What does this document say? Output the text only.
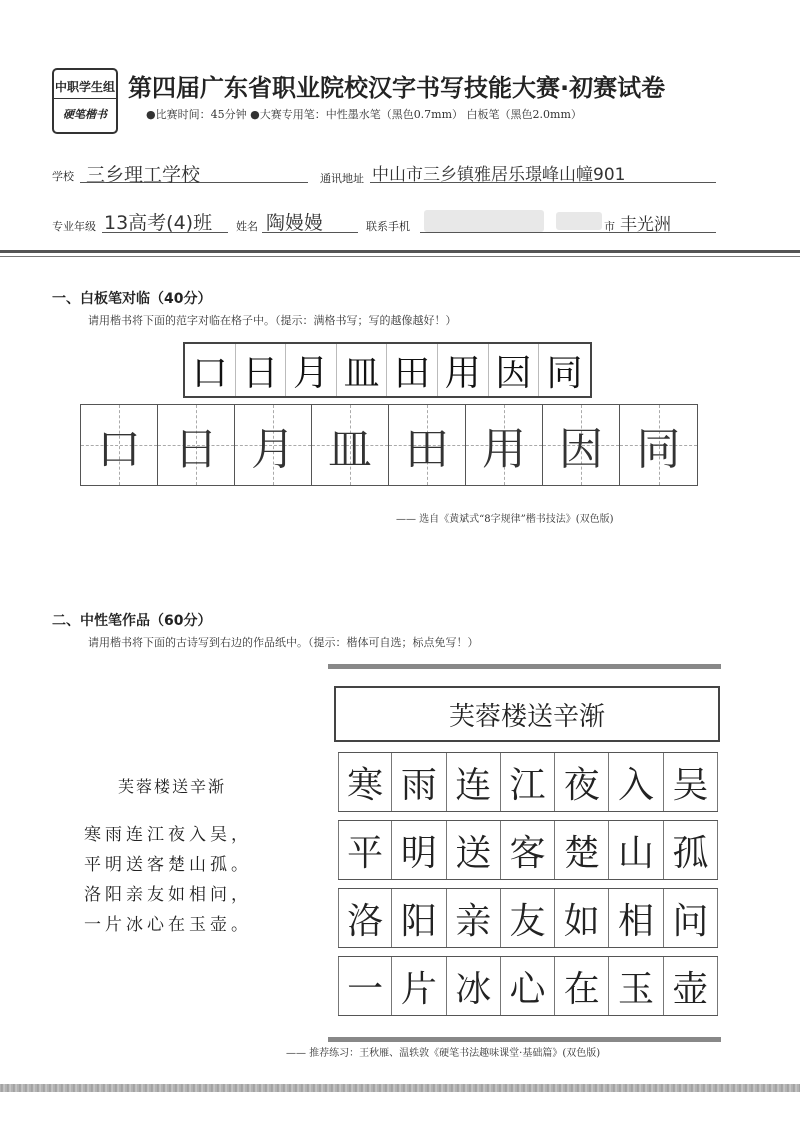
中职学生组
硬笔楷书
第四届广东省职业院校汉字书写技能大赛·初赛试卷
●比赛时间：45分钟 ●大赛专用笔：中性墨水笔（黑色0.7mm） 白板笔（黑色2.0mm）
学校 三乡理工学校	通讯地址 中山市三乡镇雅居乐璟峰山幢901
专业年级 13高考(4)班 姓名 陶嫚嫚	联系手机	市 丰光洲
一、白板笔对临（40分）
请用楷书将下面的范字对临在格子中。（提示：满格书写；写的越像越好！）
口 日 月 皿 田 用 因 同
口 日 月 皿 田 用 因 同
—— 选自《黄斌式“8字规律”楷书技法》(双色版)
二、中性笔作品（60分）
请用楷书将下面的古诗写到右边的作品纸中。（提示：楷体可自选；标点免写！）
芙蓉楼送辛渐
寒雨连江夜入吴，
平明送客楚山孤。
洛阳亲友如相问，
一片冰心在玉壶。
芙蓉楼送辛渐
寒 雨 连 江 夜 入 吴
平 明 送 客 楚 山 孤
洛 阳 亲 友 如 相 问
一 片 冰 心 在 玉 壶
—— 推荐练习：王秋雁、温轶敦《硬笔书法趣味课堂·基础篇》(双色版)
